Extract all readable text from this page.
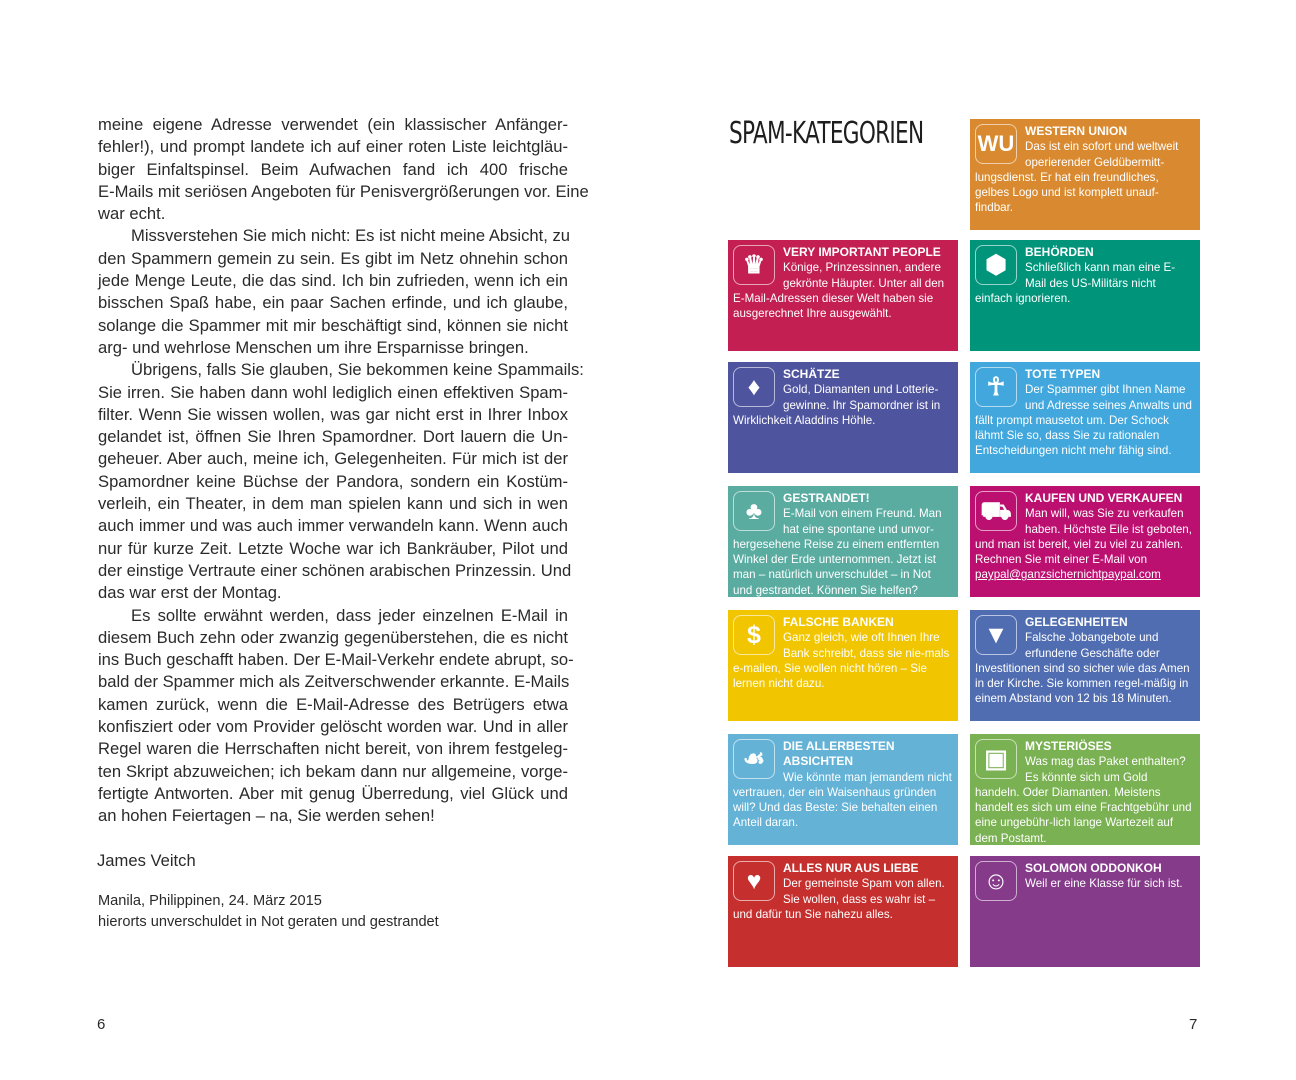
meine eigene Adresse verwendet (ein klassischer Anfänger-
fehler!), und prompt landete ich auf einer roten Liste leichtgläu-
biger Einfaltspinsel. Beim Aufwachen fand ich 400 frische
E-Mails mit seriösen Angeboten für Penisvergrößerungen vor. Eine
war echt.
Missverstehen Sie mich nicht: Es ist nicht meine Absicht, zu
den Spammern gemein zu sein. Es gibt im Netz ohnehin schon
jede Menge Leute, die das sind. Ich bin zufrieden, wenn ich ein
bisschen Spaß habe, ein paar Sachen erfinde, und ich glaube,
solange die Spammer mit mir beschäftigt sind, können sie nicht
arg- und wehrlose Menschen um ihre Ersparnisse bringen.
Übrigens, falls Sie glauben, Sie bekommen keine Spammails:
Sie irren. Sie haben dann wohl lediglich einen effektiven Spam-
filter. Wenn Sie wissen wollen, was gar nicht erst in Ihrer Inbox
gelandet ist, öffnen Sie Ihren Spamordner. Dort lauern die Un-
geheuer. Aber auch, meine ich, Gelegenheiten. Für mich ist der
Spamordner keine Büchse der Pandora, sondern ein Kostüm-
verleih, ein Theater, in dem man spielen kann und sich in wen
auch immer und was auch immer verwandeln kann. Wenn auch
nur für kurze Zeit. Letzte Woche war ich Bankräuber, Pilot und
der einstige Vertraute einer schönen arabischen Prinzessin. Und
das war erst der Montag.
Es sollte erwähnt werden, dass jeder einzelnen E-Mail in
diesem Buch zehn oder zwanzig gegenüberstehen, die es nicht
ins Buch geschafft haben. Der E-Mail-Verkehr endete abrupt, so-
bald der Spammer mich als Zeitverschwender erkannte. E-Mails
kamen zurück, wenn die E-Mail-Adresse des Betrügers etwa
konfisziert oder vom Provider gelöscht worden war. Und in aller
Regel waren die Herrschaften nicht bereit, von ihrem festgeleg-
ten Skript abzuweichen; ich bekam dann nur allgemeine, vorge-
fertigte Antworten. Aber mit genug Überredung, viel Glück und
an hohen Feiertagen – na, Sie werden sehen!
James Veitch
Manila, Philippinen, 24. März 2015
hierorts unverschuldet in Not geraten und gestrandet
6
SPAM-KATEGORIEN WU WESTERN UNION
Das ist ein sofort und weltweit operierender Geldübermitt-lungsdienst. Er hat ein freundliches, gelbes Logo und ist komplett unauf-findbar.
♛	VERY IMPORTANT PEOPLE
Könige, Prinzessinnen, andere gekrönte Häupter. Unter all den E-Mail-Adressen dieser Welt haben sie ausgerechnet Ihre ausgewählt.
⬢	BEHÖRDEN
Schließlich kann man eine E-Mail des US-Militärs nicht einfach ignorieren.
♦	SCHÄTZE
Gold, Diamanten und Lotterie-gewinne. Ihr Spamordner ist in Wirklichkeit Aladdins Höhle.
☥	TOTE TYPEN
Der Spammer gibt Ihnen Name und Adresse seines Anwalts und fällt prompt mausetot um. Der Schock lähmt Sie so, dass Sie zu rationalen Entscheidungen nicht mehr fähig sind.
♣	GESTRANDET!
E-Mail von einem Freund. Man hat eine spontane und unvor-hergesehene Reise zu einem entfernten Winkel der Erde unternommen. Jetzt ist man – natürlich unverschuldet – in Not und gestrandet. Können Sie helfen?
⛟	KAUFEN UND VERKAUFEN
Man will, was Sie zu verkaufen haben. Höchste Eile ist geboten, und man ist bereit, viel zu viel zu zahlen. Rechnen Sie mit einer E-Mail von paypal@ganzsichernichtpaypal.com
$	FALSCHE BANKEN
Ganz gleich, wie oft Ihnen Ihre Bank schreibt, dass sie nie-mals e-mailen, Sie wollen nicht hören – Sie lernen nicht dazu.
▼	GELEGENHEITEN
Falsche Jobangebote und erfundene Geschäfte oder Investitionen sind so sicher wie das Amen in der Kirche. Sie kommen regel-mäßig in einem Abstand von 12 bis 18 Minuten.
☙	DIE ALLERBESTEN ABSICHTEN
Wie könnte man jemandem nicht vertrauen, der ein Waisenhaus gründen will? Und das Beste: Sie behalten einen Anteil daran.
▣	MYSTERIÖSES
Was mag das Paket enthalten? Es könnte sich um Gold handeln. Oder Diamanten. Meistens handelt es sich um eine Frachtgebühr und eine ungebühr-lich lange Wartezeit auf dem Postamt.
♥	ALLES NUR AUS LIEBE
Der gemeinste Spam von allen. Sie wollen, dass es wahr ist – und dafür tun Sie nahezu alles.
☺	SOLOMON ODDONKOH
Weil er eine Klasse für sich ist.
7
